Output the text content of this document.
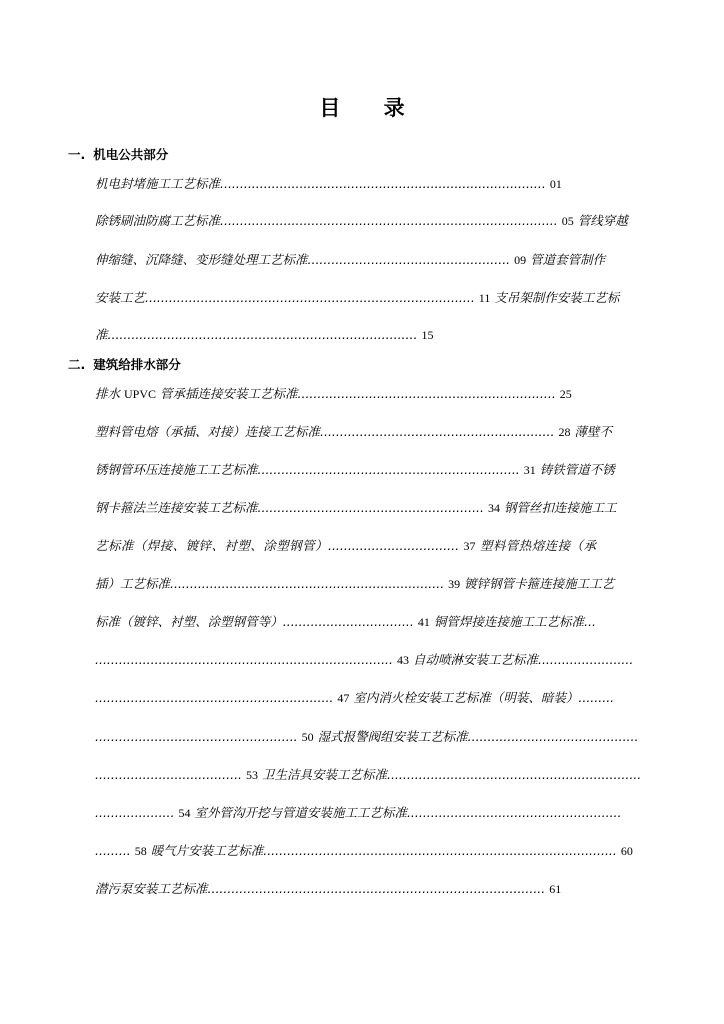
目 录
一. 机电公共部分
机电封堵施工工艺标准.................................................................................. 01
除锈刷油防腐工艺标准..................................................................................... 05 管线穿越
伸缩缝、沉降缝、变形缝处理工艺标准................................................... 09 管道套管制作
安装工艺................................................................................... 11 支吊架制作安装工艺标
准.............................................................................. 15
二. 建筑给排水部分
排水 UPVC 管承插连接安装工艺标准................................................................. 25
塑料管电熔（承插、对接）连接工艺标准........................................................... 28 薄壁不
锈钢管环压连接施工工艺标准.................................................................. 31 铸铁管道不锈
钢卡箍法兰连接安装工艺标准......................................................... 34 钢管丝扣连接施工工
艺标准（焊接、镀锌、衬塑、涂塑钢管）................................. 37 塑料管热熔连接（承
插）工艺标准..................................................................... 39 镀锌钢管卡箍连接施工工艺
标准（镀锌、衬塑、涂塑钢管等）................................. 41 铜管焊接连接施工工艺标准...
........................................................................... 43 自动喷淋安装工艺标准........................
............................................................ 47 室内消火栓安装工艺标准（明装、暗装）.........
................................................... 50 湿式报警阀组安装工艺标准...........................................
..................................... 53 卫生洁具安装工艺标准................................................................
.................... 54 室外管沟开挖与管道安装施工工艺标准......................................................
......... 58 暖气片安装工艺标准......................................................................................... 60
潜污泵安装工艺标准..................................................................................... 61
